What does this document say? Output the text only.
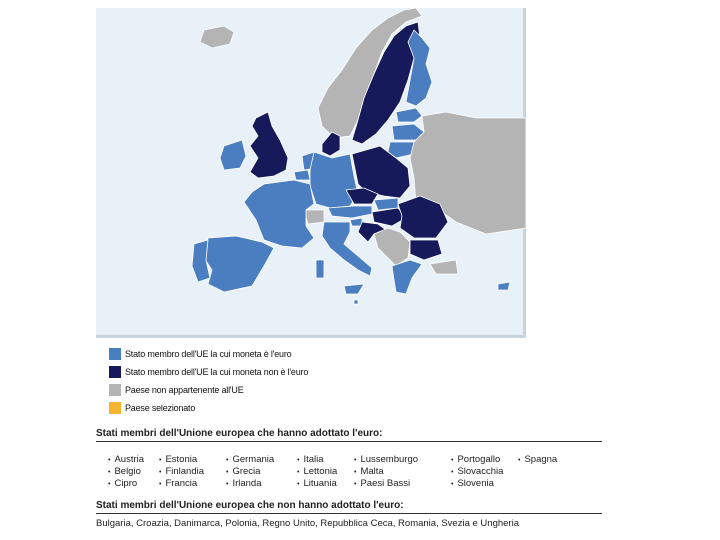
Stato membro dell'UE la cui moneta è l'euro
Stato membro dell'UE la cui moneta non è l'euro
Paese non appartenente all'UE
Paese selezionato
Stati membri dell'Unione europea che hanno adottato l'euro:
• Austria	• Estonia	• Germania	• Italia	• Lussemburgo	• Portogallo	• Spagna
• Belgio	• Finlandia	• Grecia	• Lettonia	• Malta	• Slovacchia
• Cipro	• Francia	• Irlanda	• Lituania	• Paesi Bassi	• Slovenia
Stati membri dell'Unione europea che non hanno adottato l'euro:
Bulgaria, Croazia, Danimarca, Polonia, Regno Unito, Repubblica Ceca, Romania, Svezia e Ungheria
